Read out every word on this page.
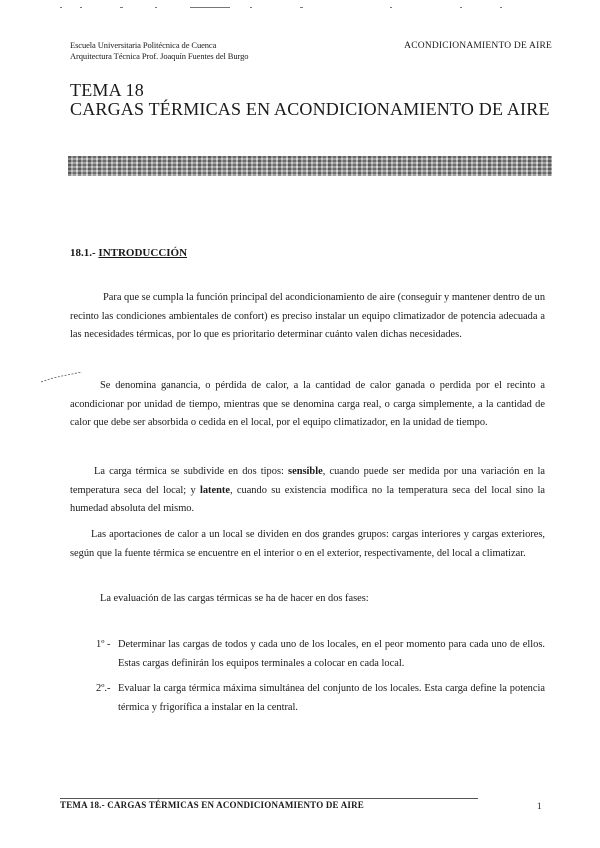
Escuela Universitaria Politécnica de Cuenca
Arquitectura Técnica Prof. Joaquín Fuentes del Burgo
ACONDICIONAMIENTO DE AIRE
TEMA 18
CARGAS TÉRMICAS EN ACONDICIONAMIENTO DE AIRE
18.1.- INTRODUCCIÓN
Para que se cumpla la función principal del acondicionamiento de aire (conseguir y mantener dentro de un recinto las condiciones ambientales de confort) es preciso instalar un equipo climatizador de potencia adecuada a las necesidades térmicas, por lo que es prioritario determinar cuánto valen dichas necesidades.
Se denomina ganancia, o pérdida de calor, a la cantidad de calor ganada o perdida por el recinto a acondicionar por unidad de tiempo, mientras que se denomina carga real, o carga simplemente, a la cantidad de calor que debe ser absorbida o cedida en el local, por el equipo climatizador, en la unidad de tiempo.
La carga térmica se subdivide en dos tipos: sensible, cuando puede ser medida por una variación en la temperatura seca del local; y latente, cuando su existencia modifica no la temperatura seca del local sino la humedad absoluta del mismo.
Las aportaciones de calor a un local se dividen en dos grandes grupos: cargas interiores y cargas exteriores, según que la fuente térmica se encuentre en el interior o en el exterior, respectivamente, del local a climatizar.
La evaluación de las cargas térmicas se ha de hacer en dos fases:
1º - Determinar las cargas de todos y cada uno de los locales, en el peor momento para cada uno de ellos. Estas cargas definirán los equipos terminales a colocar en cada local.
2º.- Evaluar la carga térmica máxima simultánea del conjunto de los locales. Esta carga define la potencia térmica y frigorífica a instalar en la central.
TEMA 18.- CARGAS TÉRMICAS EN ACONDICIONAMIENTO DE AIRE	1
